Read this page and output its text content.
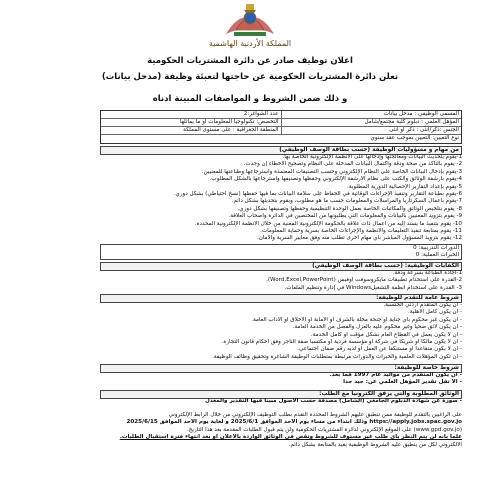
المملكة الأردنية الهاشمية
اعلان توظيف صادر عن دائرة المشتريات الحكومية
تعلن دائرة المشتريات الحكومية عن حاجتها لتعبئة وظيفة (مدخل بيانات)
و ذلك ضمن الشروط و المواصفات المبينة ادناه
المسمى الوظيفي : مدخل بيانات
عدد الشواغر:2
المؤهل العلمي : دبلوم كلية مجتمع/شامل
التخصص: تكنولوجيا المعلومات أو ما يماثلها
الجنس :ذكر/انثى : ذكر أو انثى
المنطقة الجغرافية : على مستوى المملكة
نوع التعيين: التعيين بموجب عقد سنوي
من مهام و مسؤوليات الوظيفة (حسب بطاقة الوصف الوظيفي)
1-يقوم بتحديث البيانات ومعالجتها وإدخالها على الأنظمة الإلكترونية الخاصة بها.
2- يقوم بالتأكد من صحة ودقة واكتمال البيانات المدخلة على النظام وتصحيح الأخطاء إن وجدت.
3-يقوم بإدخال البيانات الخاصة على النظام الإلكتروني وحسب التصنيفات المعتمدة واسترجاعها وطباعتها للمعنيين.
4-يقوم بأرشفة الوثائق والكتب على نظام الأرشفة الإلكتروني وحفظها وتصنيفها واسترجاعها بالشكل المطلوب.
5-يقوم بإعداد التقارير الإحصائية الدورية المطلوبة.
6-يقوم بطباعة التقارير وتنفيذ الإجراءات الوقائية في الحفاظ على سلامة البيانات بما فيها حفظها (نسخ احتياطي) بشكل دوري.
7-يقوم بأعمال السكرتاريا والمراسلات والمعلومات حسب ما هو مطلوب، ويقوم بتحديثها بشكل دائم.
8- يقوم بتلخيص الوثائق والمكاتبات الخاصة بعمل الوحدة التنظيمية وحفظها وتصنيفها بشكل دوري.
9- يقوم بتزويد المعنيين بالبيانات والمعلومات التي يطلبونها من المختصين في الدائرة وأصحاب العلاقة.
10- يقوم بتنفيذ ما يسند إليه من أعمال ذات علاقة بالحكومة الإلكترونية المعنية من خلال الأنظمة الإلكترونية المحددة.
11- يقوم بمتابعة تنفيذ التعليمات والأنظمة والإجراءات الخاصة بسرية وحماية المعلومات.
12- يقوم بتزويد المسؤول المباشر بأي مهام أخرى تطلب منه وفق معايير السرية والأمان.
الدورات التدريبية: 0
الخبرات العملية: 0
الكفايات الوظيفية: (حسب بطاقة الوصف الوظيفي)
1-اجادة الطباعة بسرعة ودقة.
2-القدرة على استخدام تطبيقات مايكروسوفت أوفيس (Word,Excel,PowerPoint).
3- القدرة على استخدام أنظمة التشغيلWindows في إدارة وتنظيم الملفات.
شروط عامة للتقدم للوظيفة:
- أن يكون المتقدم أردني الجنسية.
- أن يكون كامل الأهلية.
- أن يكون غير محكوم بأي جناية أو جنحة مخلة بالشرف أو الأمانة أو الأخلاق أو الآداب العامة.
- أن يكون لائق صحيا وغير محكوم عليه بالعزل والفصل من الخدمة العامة.
- أن لا يكون يعمل في القطاع العام بشكل مؤقت أو كامل الخدمة.
- أن لا يكون مالكا أو شريكا في شركة أو مؤسسة فردية أو مكتسبا صفة التاجر وفق أحكام قانون التجارة.
- أن لا يكون متقاعدا أو مستنكفا عن العمل أو لديه رقم ضمان اجتماعي.
- أن تكون المؤهلات العلمية والخبرات والدورات مرتبطة بمتطلبات الوظيفة الشاغرة وتحقيق وظائف الوظيفة.
شروط خاصة للوظيفة:
- أن يكون المتقدم من مواليد عام 1997 فما بعد.
- ألا تقل تقدير المؤهل العلمي عن: جيد جدا
الوثائق المطلوبة والتي يرفق الكترونيا مع الطلب:
- صورة عن شهادة الدبلوم الجامعي (الشامل) مصدقة حسب الأصول مبينا فيها التقدير والمعدل
على الراغبين بالتقدم للوظيفة ممن تنطبق عليهم الشروط المحددة التقدم بطلب التوظيف الإلكتروني من خلال الرابط الإلكتروني
https://apply.jobs.spac.gov.jo وذلك ابتداء من مساء يوم الاحد الموافق 2025/6/1 و لغاية يوم الاحد الموافق 2025/6/15
(www.gpd.gov.jo) على الموقع الإلكتروني لدائرة المشتريات الحكومية ولن يتم قبول الطلبات المقدمة بعد هذا التاريخ.
علما بأنه لن يتم النظر بأي طلب غير مستوف للشروط وتقص في الوثائق الواردة بالاعلان او بعد انتهاء فترة استقبال الطلبات.
الالكتروني لكل من ينطبق عليه الشروط الوظيفية بقيد بالمتابعة بشكل دائم.
